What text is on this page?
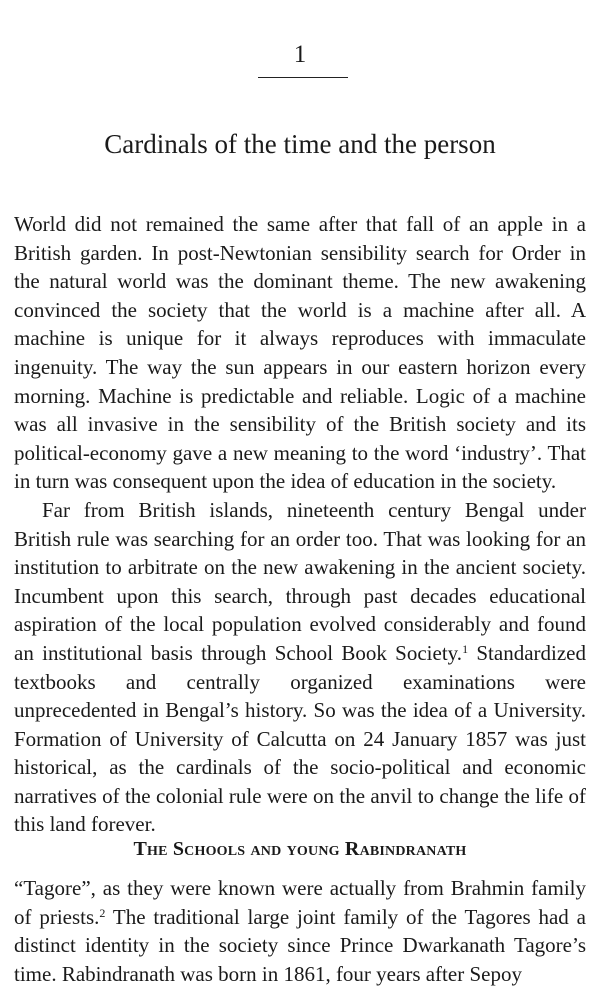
1
Cardinals of the time and the person

World did not remained the same after that fall of an apple in a British garden. In post-Newtonian sensibility search for Order in the natural world was the dominant theme. The new awakening convinced the society that the world is a machine after all. A machine is unique for it always reproduces with immaculate ingenuity. The way the sun appears in our eastern horizon every morning. Machine is predictable and reliable. Logic of a machine was all invasive in the sensibility of the British society and its political-economy gave a new meaning to the word ‘industry’. That in turn was consequent upon the idea of education in the society.

Far from British islands, nineteenth century Bengal under British rule was searching for an order too. That was looking for an institution to arbitrate on the new awakening in the ancient society. Incumbent upon this search, through past decades educational aspiration of the local population evolved considerably and found an institutional basis through School Book Society.$^1$ Standardized textbooks and centrally organized examinations were unprecedented in Bengal’s history. So was the idea of a University. Formation of University of Calcutta on 24 January 1857 was just historical, as the cardinals of the socio-political and economic narratives of the colonial rule were on the anvil to change the life of this land forever.

The Schools and young Rabindranath

“Tagore”, as they were known were actually from Brahmin family of priests.$^2$ The traditional large joint family of the Tagores had a distinct identity in the society since Prince Dwarkanath Tagore’s time. Rabindranath was born in 1861, four years after Sepoy
